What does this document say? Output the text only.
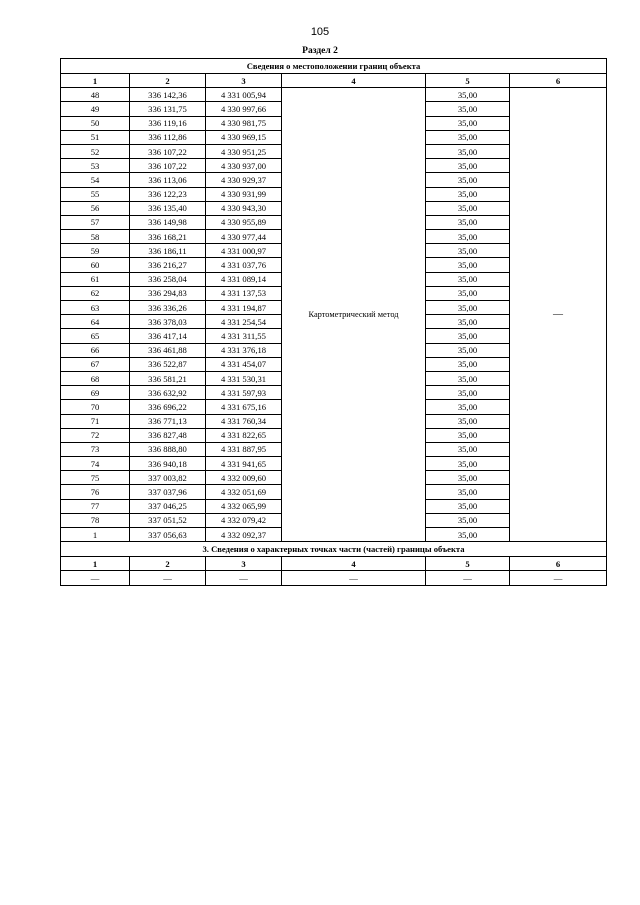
105
Раздел 2
Сведения о местоположении границ объекта					
1	2	3	4	5	6
48	336 142,36	4 331 005,94	Картометрический метод	35,00	—
49	336 131,75	4 330 997,66		35,00	
50	336 119,16	4 330 981,75		35,00	
51	336 112,86	4 330 969,15		35,00	
52	336 107,22	4 330 951,25		35,00	
53	336 107,22	4 330 937,00		35,00	
54	336 113,06	4 330 929,37		35,00	
55	336 122,23	4 330 931,99		35,00	
56	336 135,40	4 330 943,30		35,00	
57	336 149,98	4 330 955,89		35,00	
58	336 168,21	4 330 977,44		35,00	
59	336 186,11	4 331 000,97		35,00	
60	336 216,27	4 331 037,76		35,00	
61	336 258,04	4 331 089,14		35,00	
62	336 294,83	4 331 137,53		35,00	
63	336 336,26	4 331 194,87		35,00	
64	336 378,03	4 331 254,54		35,00	
65	336 417,14	4 331 311,55		35,00	
66	336 461,88	4 331 376,18		35,00	
67	336 522,87	4 331 454,07		35,00	
68	336 581,21	4 331 530,31		35,00	
69	336 632,92	4 331 597,93		35,00	
70	336 696,22	4 331 675,16		35,00	
71	336 771,13	4 331 760,34		35,00	
72	336 827,48	4 331 822,65		35,00	
73	336 888,80	4 331 887,95		35,00	
74	336 940,18	4 331 941,65		35,00	
75	337 003,82	4 332 009,60		35,00	
76	337 037,96	4 332 051,69		35,00	
77	337 046,25	4 332 065,99		35,00	
78	337 051,52	4 332 079,42		35,00	
1	337 056,63	4 332 092,37		35,00	
3. Сведения о характерных точках части (частей) границы объекта					
1	2	3	4	5	6
—	—	—	—	—	—
